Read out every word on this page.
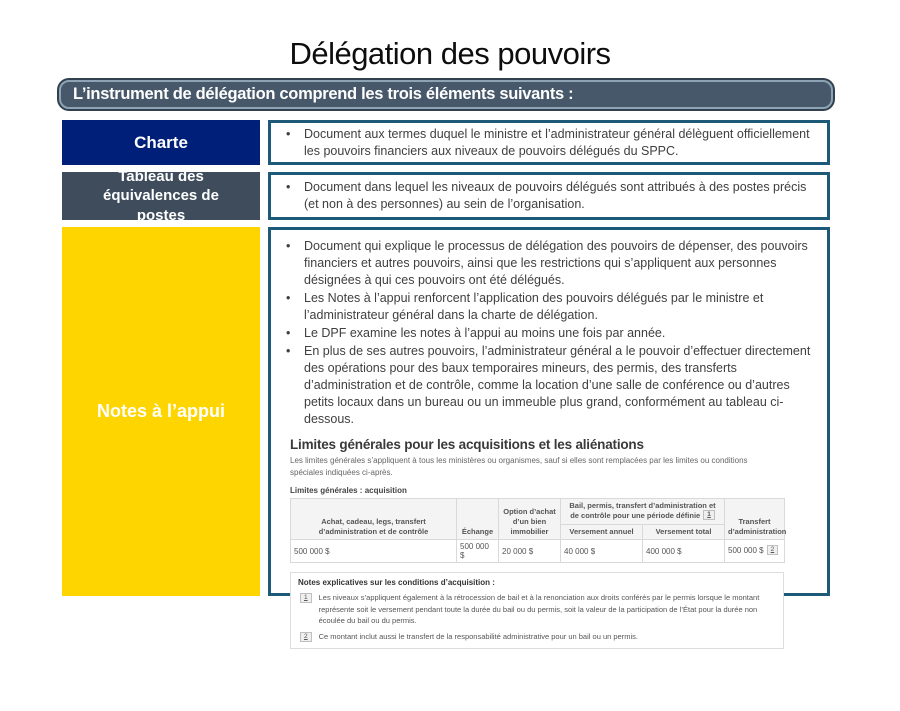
Délégation des pouvoirs
L’instrument de délégation comprend les trois éléments suivants :
Charte	• Document aux termes duquel le ministre et l’administrateur général délèguent officiellement les pouvoirs financiers aux niveaux de pouvoirs délégués du SPPC.
Tableau des équivalences de postes
• Document dans lequel les niveaux de pouvoirs délégués sont attribués à des postes précis (et non à des personnes) au sein de l’organisation.
Notes à l’appui
• Document qui explique le processus de délégation des pouvoirs de dépenser, des pouvoirs financiers et autres pouvoirs, ainsi que les restrictions qui s’appliquent aux personnes désignées à qui ces pouvoirs ont été délégués.
• Les Notes à l’appui renforcent l’application des pouvoirs délégués par le ministre et l’administrateur général dans la charte de délégation.
• Le DPF examine les notes à l’appui au moins une fois par année.
• En plus de ses autres pouvoirs, l’administrateur général a le pouvoir d’effectuer directement des opérations pour des baux temporaires mineurs, des permis, des transferts d’administration et de contrôle, comme la location d’une salle de conférence ou d’autres petits locaux dans un bureau ou un immeuble plus grand, conformément au tableau ci-dessous.

Limites générales pour les acquisitions et les aliénations

Les limites générales s’appliquent à tous les ministères ou organismes, sauf si elles sont remplacées par les limites ou conditions spéciales indiquées ci-après.

Limites générales : acquisition

Achat, cadeau, legs, transfert d’administration et de contrôle	Échange	Option d’achat d’un bien immobilier	Bail, permis, transfert d’administration et de contrôle pour une période définie 1		Transfert d’administration
			Versement annuel	Versement total	
500 000 $	500 000 $	20 000 $	40 000 $	400 000 $	500 000 $ 2

Notes explicatives sur les conditions d’acquisition :

1	Les niveaux s’appliquent également à la rétrocession de bail et à la renonciation aux droits conférés par le permis lorsque le montant représente soit le versement pendant toute la durée du bail ou du permis, soit la valeur de la participation de l’État pour la durée non écoulée du bail ou du permis.

2	Ce montant inclut aussi le transfert de la responsabilité administrative pour un bail ou un permis.
